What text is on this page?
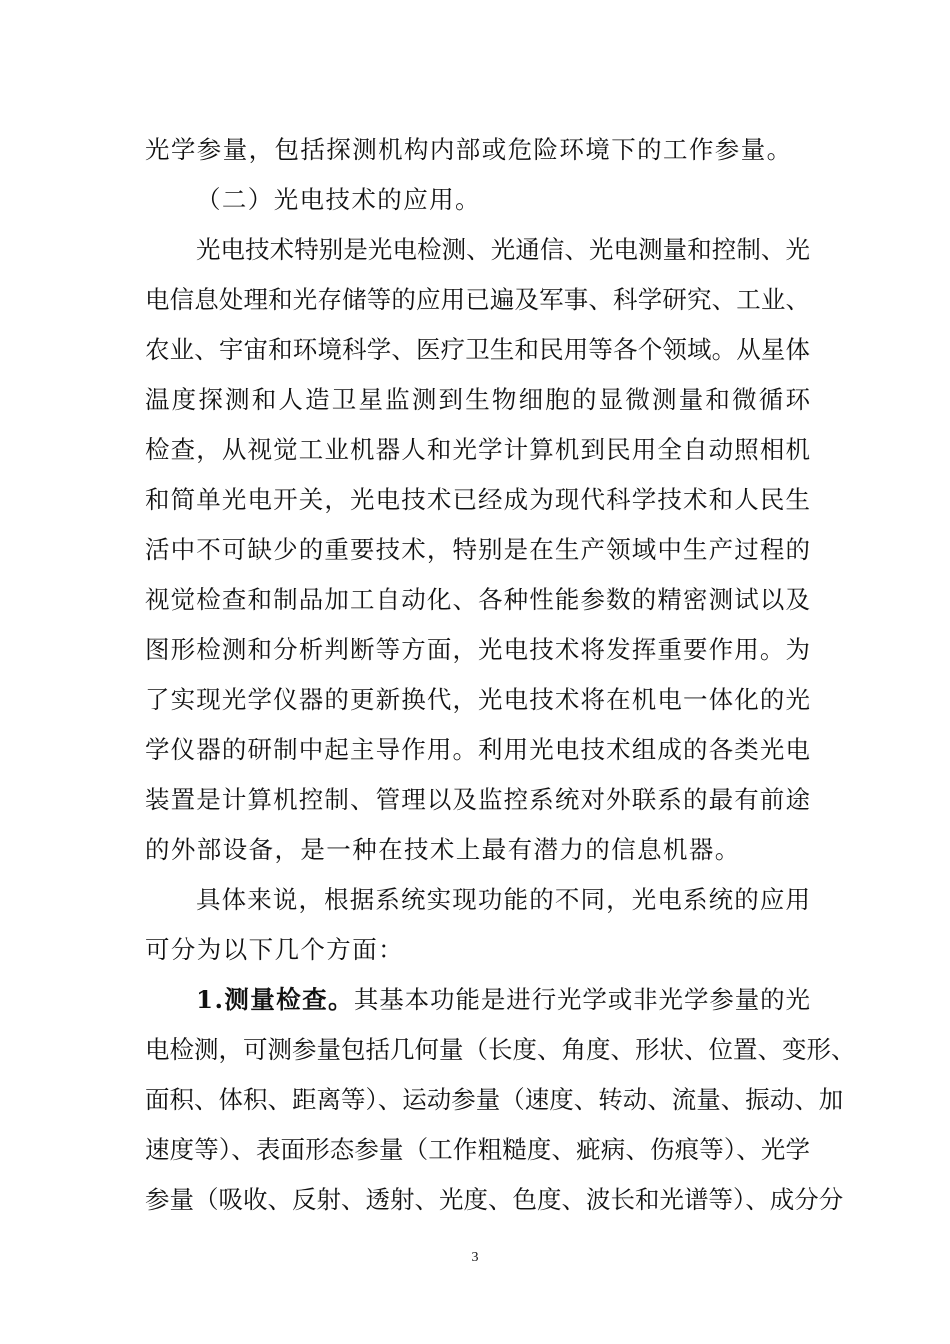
光学参量，包括探测机构内部或危险环境下的工作参量。
（二）光电技术的应用。
光电技术特别是光电检测、光通信、光电测量和控制、光
电信息处理和光存储等的应用已遍及军事、科学研究、工业、
农业、宇宙和环境科学、医疗卫生和民用等各个领域。从星体
温度探测和人造卫星监测到生物细胞的显微测量和微循环
检查，从视觉工业机器人和光学计算机到民用全自动照相机
和简单光电开关，光电技术已经成为现代科学技术和人民生
活中不可缺少的重要技术，特别是在生产领域中生产过程的
视觉检查和制品加工自动化、各种性能参数的精密测试以及
图形检测和分析判断等方面，光电技术将发挥重要作用。为
了实现光学仪器的更新换代，光电技术将在机电一体化的光
学仪器的研制中起主导作用。利用光电技术组成的各类光电
装置是计算机控制、管理以及监控系统对外联系的最有前途
的外部设备，是一种在技术上最有潜力的信息机器。
具体来说，根据系统实现功能的不同，光电系统的应用
可分为以下几个方面：
1.测量检查。 其基本功能是进行光学或非光学参量的光
电检测，可测参量包括几何量（长度、角度、形状、位置、变形、
面积、体积、距离等）、运动参量（速度、转动、流量、振动、加
速度等）、表面形态参量（工作粗糙度、疵病、伤痕等）、光学
参量（吸收、反射、透射、光度、色度、波长和光谱等）、成分分
3
